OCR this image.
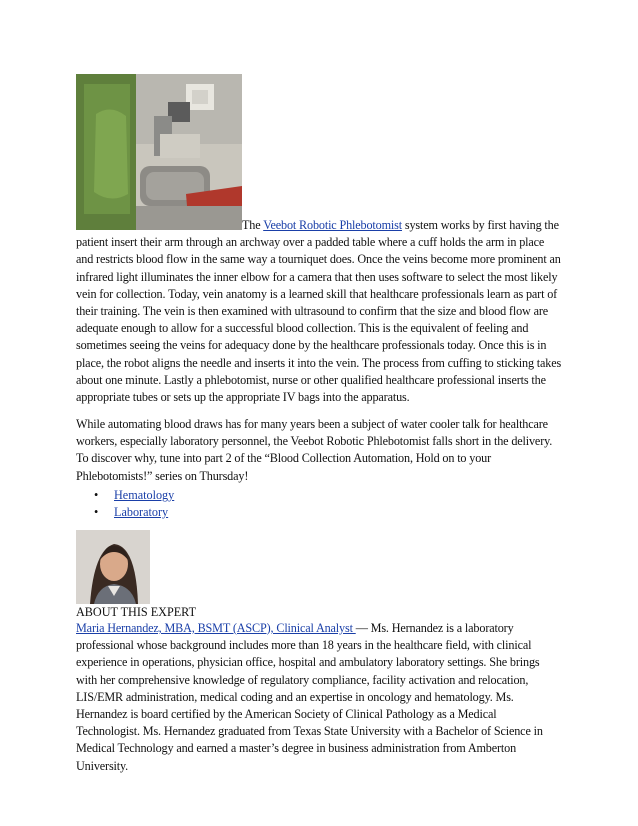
The Veebot Robotic Phlebotomist system works by first having the patient insert their arm through an archway over a padded table where a cuff holds the arm in place and restricts blood flow in the same way a tourniquet does. Once the veins become more prominent an infrared light illuminates the inner elbow for a camera that then uses software to select the most likely vein for collection. Today, vein anatomy is a learned skill that healthcare professionals learn as part of their training. The vein is then examined with ultrasound to confirm that the size and blood flow are adequate enough to allow for a successful blood collection. This is the equivalent of feeling and sometimes seeing the veins for adequacy done by the healthcare professionals today. Once this is in place, the robot aligns the needle and inserts it into the vein. The process from cuffing to sticking takes about one minute. Lastly a phlebotomist, nurse or other qualified healthcare professional inserts the appropriate tubes or sets up the appropriate IV bags into the apparatus.
While automating blood draws has for many years been a subject of water cooler talk for healthcare workers, especially laboratory personnel, the Veebot Robotic Phlebotomist falls short in the delivery. To discover why, tune into part 2 of the “Blood Collection Automation, Hold on to your Phlebotomists!” series on Thursday!
• Hematology
• Laboratory
ABOUT THIS EXPERT
Maria Hernandez, MBA, BSMT (ASCP), Clinical Analyst — Ms. Hernandez is a laboratory professional whose background includes more than 18 years in the healthcare field, with clinical experience in operations, physician office, hospital and ambulatory laboratory settings. She brings with her comprehensive knowledge of regulatory compliance, facility activation and relocation, LIS/EMR administration, medical coding and an expertise in oncology and hematology. Ms. Hernandez is board certified by the American Society of Clinical Pathology as a Medical Technologist. Ms. Hernandez graduated from Texas State University with a Bachelor of Science in Medical Technology and earned a master’s degree in business administration from Amberton University.
